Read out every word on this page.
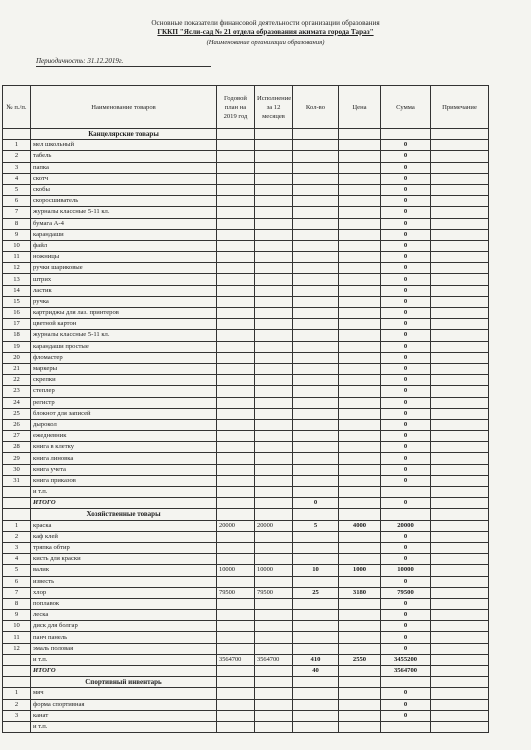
Основные показатели финансовой деятельности организации образования
ГККП "Ясли-сад № 21 отдела образования акимата города Тараз"
(Наименование организации образования)
Периодичность: 31.12.2019г.
№ п./п.	Наименование товаров	Годовой план на 2019 год	Исполнение за 12 месяцев	Кол-во	Цена	Сумма	Примечание
	Канцелярские товары						
1	мел школьный					0	
2	табель					0	
3	папка					0	
4	скотч					0	
5	скобы					0	
6	скоросшиватель					0	
7	журналы классные 5-11 кл.					0	
8	бумага А-4					0	
9	карандаши					0	
10	файл					0	
11	ножницы					0	
12	ручки шариковые					0	
13	штрих					0	
14	ластик					0	
15	ручка					0	
16	картриджы для лаз. принтеров					0	
17	цветной картон					0	
18	журналы классные 5-11 кл.					0	
19	карандаши простые					0	
20	фломастер					0	
21	маркеры					0	
22	скрепки					0	
23	степлер					0	
24	регистр					0	
25	блокнот для записей					0	
26	дырокол					0	
27	ежедневник					0	
28	книга в клетку					0	
29	книга линовка					0	
30	книга учета					0	
31	книга приказов					0	
	и т.п.						
	ИТОГО			0		0	
	Хозяйственные товары						
1	краска	20000	20000	5	4000	20000	
2	каф клей					0	
3	тряпка обтир					0	
4	кисть для краски					0	
5	валик	10000	10000	10	1000	10000	
6	известь					0	
7	хлор	79500	79500	25	3180	79500	
8	поплавок					0	
9	леска					0	
10	диск для болгар					0	
11	панч панель					0	
12	эмаль половая					0	
	и т.п.	3564700	3564700	410	2550	3455200	
	ИТОГО			40		3564700	
	Спортивный инвентарь						
1	мяч					0	
2	форма спортивная					0	
3	канат					0	
	и т.п.						
